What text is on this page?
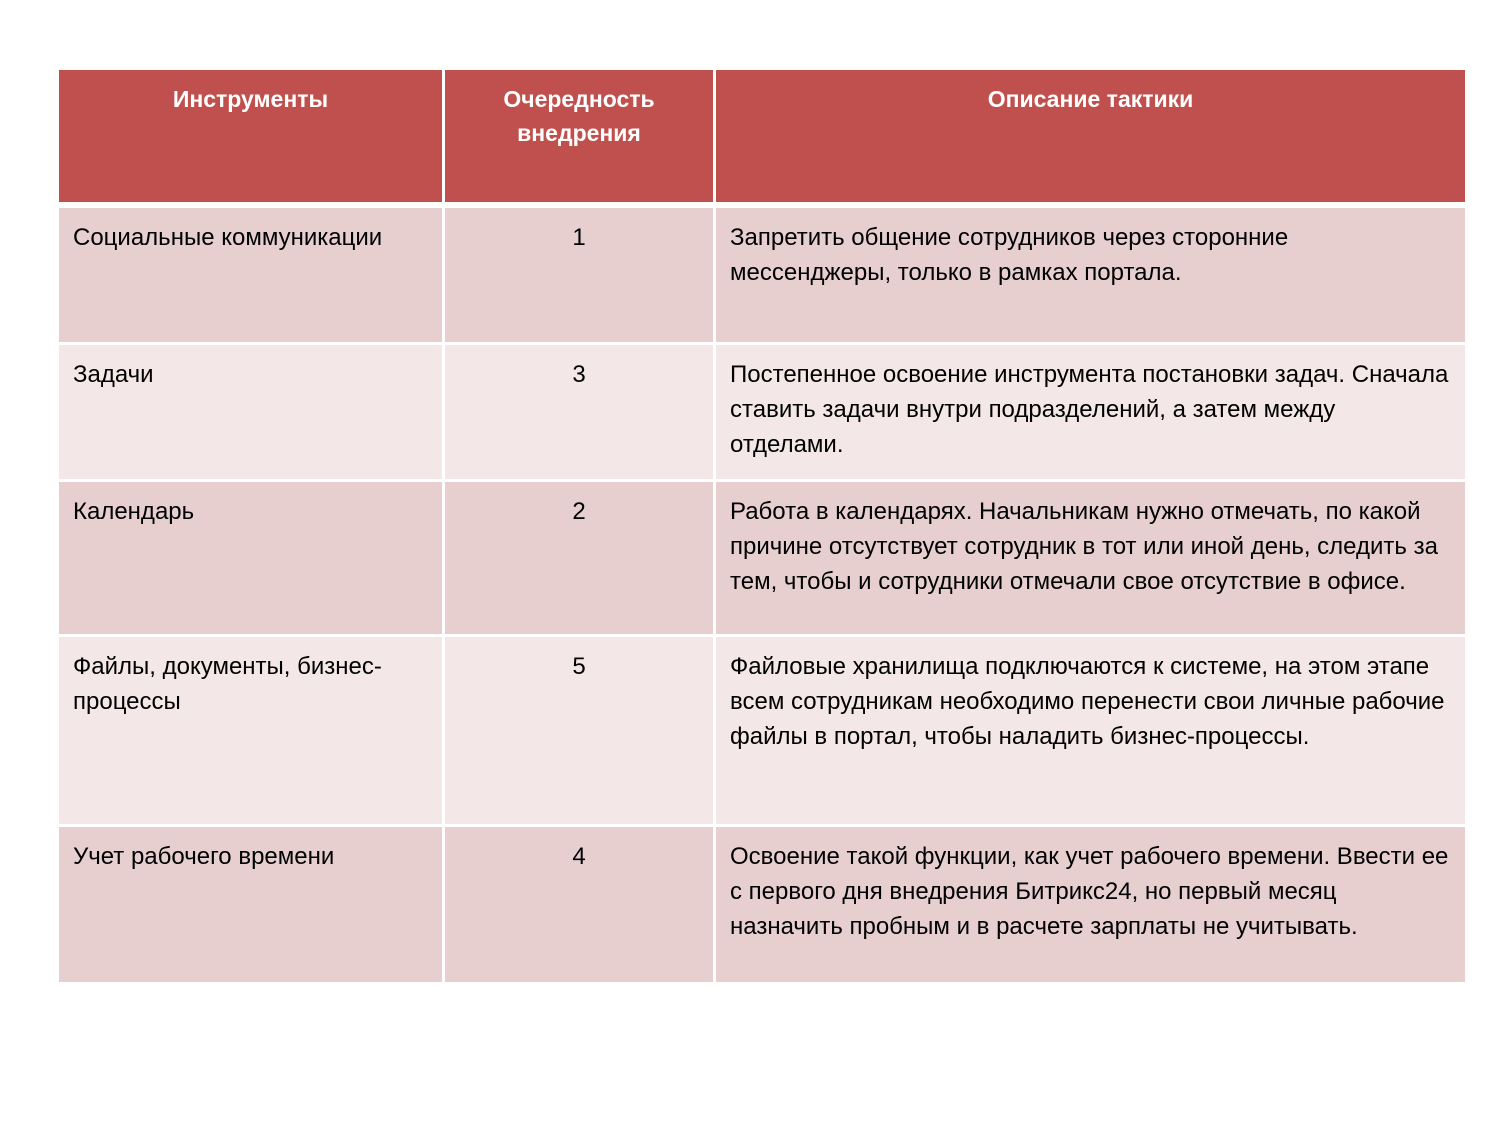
Инструменты	Очередность внедрения	Описание тактики
Социальные коммуникации	1	Запретить общение сотрудников через сторонние мессенджеры, только в рамках портала.
Задачи	3	Постепенное освоение инструмента постановки задач. Сначала ставить задачи внутри подразделений, а затем между отделами.
Календарь	2	Работа в календарях. Начальникам нужно отмечать, по какой причине отсутствует сотрудник в тот или иной день, следить за тем, чтобы и сотрудники отмечали свое отсутствие в офисе.
Файлы, документы, бизнес-процессы	5	Файловые хранилища подключаются к системе, на этом этапе всем сотрудникам необходимо перенести свои личные рабочие файлы в портал, чтобы наладить бизнес-процессы.
Учет рабочего времени	4	Освоение такой функции, как учет рабочего времени. Ввести ее с первого дня внедрения Битрикс24, но первый месяц назначить пробным и в расчете зарплаты не учитывать.
